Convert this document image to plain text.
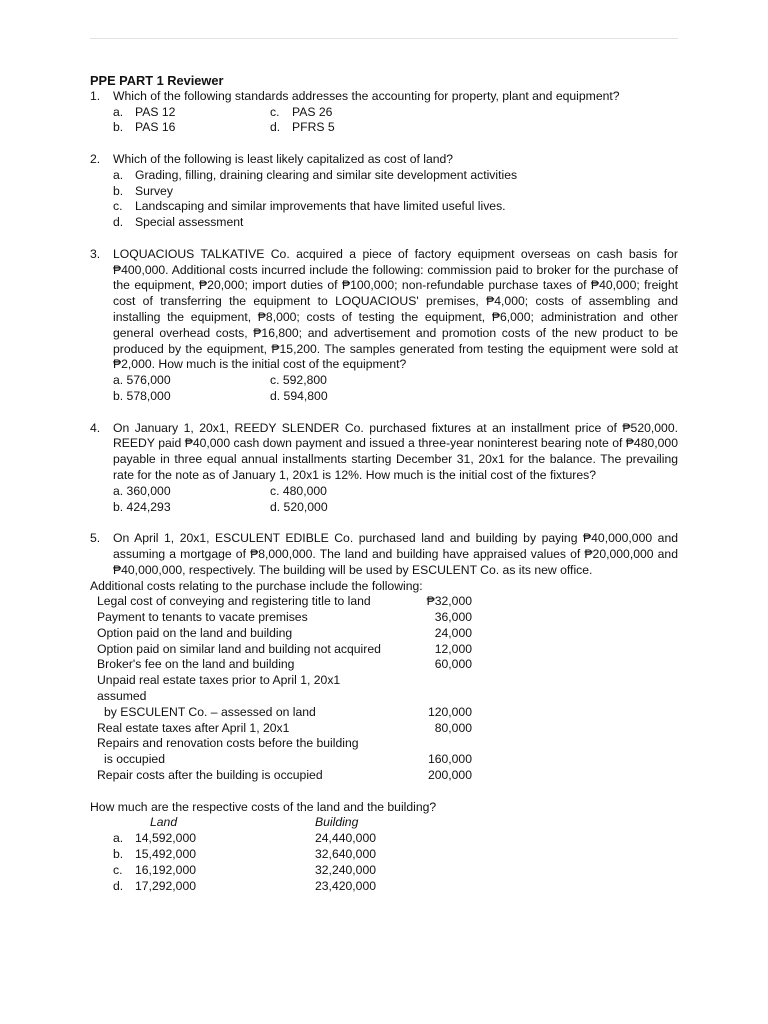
PPE PART 1 Reviewer
1.	Which of the following standards addresses the accounting for property, plant and equipment?
a. PAS 12	c.	PAS 26
b. PAS 16	d. PFRS 5
2.	Which of the following is least likely capitalized as cost of land?
a. Grading, filling, draining clearing and similar site development activities
b. Survey
c.	Landscaping and similar improvements that have limited useful lives.
d. Special assessment
3.	LOQUACIOUS TALKATIVE Co. acquired a piece of factory equipment overseas on cash basis for ₱400,000. Additional costs incurred include the following: commission paid to broker for the purchase of the equipment, ₱20,000; import duties of ₱100,000; non-refundable purchase taxes of ₱40,000; freight cost of transferring the equipment to LOQUACIOUS' premises, ₱4,000; costs of assembling and installing the equipment, ₱8,000; costs of testing the equipment, ₱6,000; administration and other general overhead costs, ₱16,800; and advertisement and promotion costs of the new product to be produced by the equipment, ₱15,200. The samples generated from testing the equipment were sold at ₱2,000. How much is the initial cost of the equipment?
a. 576,000	c. 592,800
b. 578,000	d. 594,800
4.	On January 1, 20x1, REEDY SLENDER Co. purchased fixtures at an installment price of ₱520,000. REEDY paid ₱40,000 cash down payment and issued a three-year noninterest bearing note of ₱480,000 payable in three equal annual installments starting December 31, 20x1 for the balance. The prevailing rate for the note as of January 1, 20x1 is 12%. How much is the initial cost of the fixtures?
a. 360,000	c. 480,000
b. 424,293	d. 520,000
5.	On April 1, 20x1, ESCULENT EDIBLE Co. purchased land and building by paying ₱40,000,000 and assuming a mortgage of ₱8,000,000. The land and building have appraised values of ₱20,000,000 and ₱40,000,000, respectively. The building will be used by ESCULENT Co. as its new office.
Additional costs relating to the purchase include the following:
Legal cost of conveying and registering title to land	₱32,000
Payment to tenants to vacate premises	36,000
Option paid on the land and building	24,000
Option paid on similar land and building not acquired	12,000
Broker's fee on the land and building	60,000
Unpaid real estate taxes prior to April 1, 20x1
assumed
by ESCULENT Co. – assessed on land	120,000
Real estate taxes after April 1, 20x1	80,000
Repairs and renovation costs before the building
is occupied	160,000
Repair costs after the building is occupied	200,000
How much are the respective costs of the land and the building?
Land	Building
a. 14,592,000	24,440,000
b. 15,492,000	32,640,000
c.	16,192,000	32,240,000
d. 17,292,000	23,420,000
